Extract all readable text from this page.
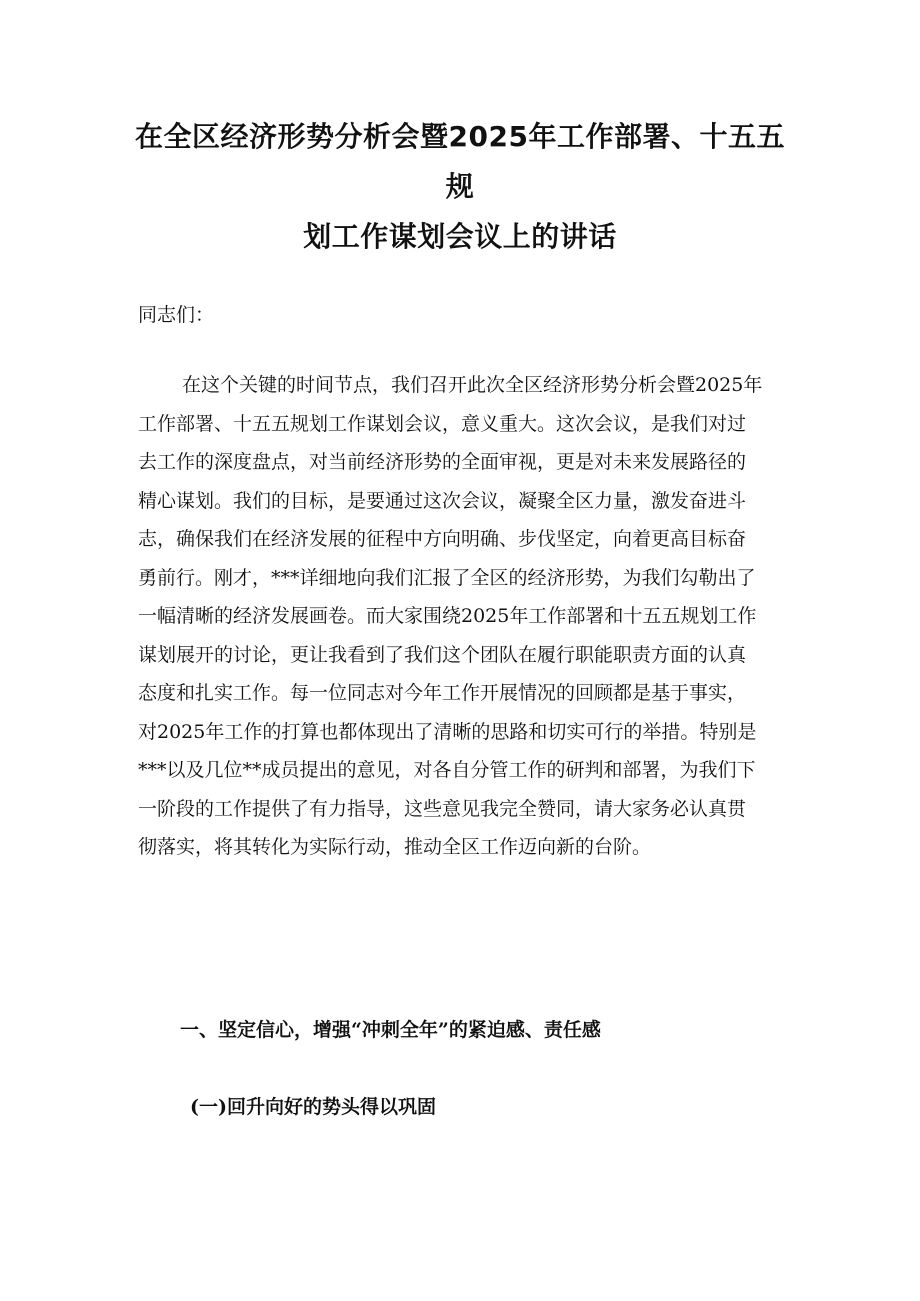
在全区经济形势分析会暨2025年工作部署、十五五规
划工作谋划会议上的讲话
同志们：
在这个关键的时间节点，我们召开此次全区经济形势分析会暨2025年
工作部署、十五五规划工作谋划会议，意义重大。这次会议，是我们对过
去工作的深度盘点，对当前经济形势的全面审视，更是对未来发展路径的
精心谋划。我们的目标，是要通过这次会议，凝聚全区力量，激发奋进斗
志，确保我们在经济发展的征程中方向明确、步伐坚定，向着更高目标奋
勇前行。刚才，***详细地向我们汇报了全区的经济形势，为我们勾勒出了
一幅清晰的经济发展画卷。而大家围绕2025年工作部署和十五五规划工作
谋划展开的讨论，更让我看到了我们这个团队在履行职能职责方面的认真
态度和扎实工作。每一位同志对今年工作开展情况的回顾都是基于事实，
对2025年工作的打算也都体现出了清晰的思路和切实可行的举措。特别是
***以及几位**成员提出的意见，对各自分管工作的研判和部署，为我们下
一阶段的工作提供了有力指导，这些意见我完全赞同，请大家务必认真贯
彻落实，将其转化为实际行动，推动全区工作迈向新的台阶。
一、坚定信心，增强“冲刺全年”的紧迫感、责任感
(一)回升向好的势头得以巩固
